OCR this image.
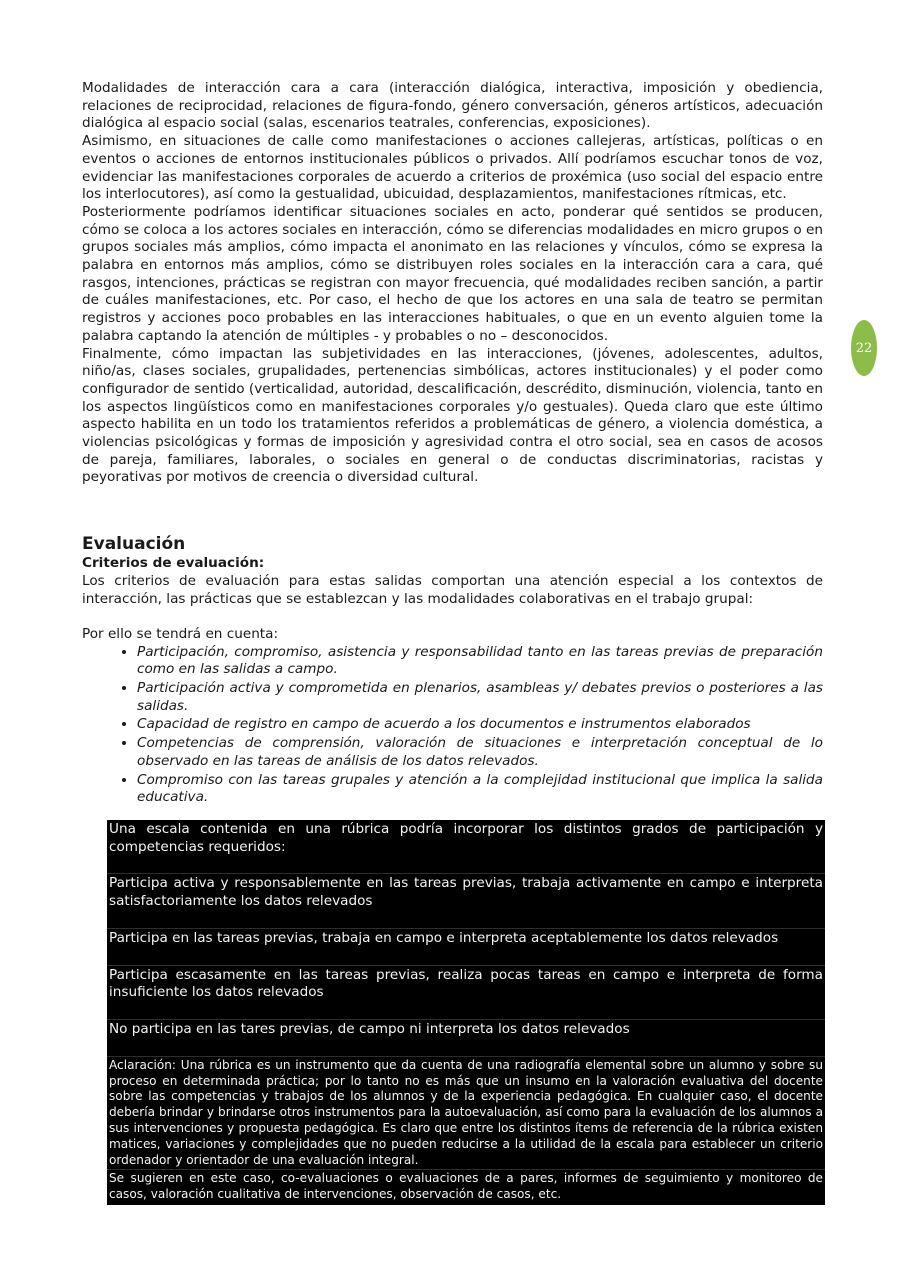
Modalidades de interacción cara a cara (interacción dialógica, interactiva, imposición y obediencia, relaciones de reciprocidad, relaciones de figura-fondo, género conversación, géneros artísticos, adecuación dialógica al espacio social (salas, escenarios teatrales, conferencias, exposiciones).

Asimismo, en situaciones de calle como manifestaciones o acciones callejeras, artísticas, políticas o en eventos o acciones de entornos institucionales públicos o privados. Allí podríamos escuchar tonos de voz, evidenciar las manifestaciones corporales de acuerdo a criterios de proxémica (uso social del espacio entre los interlocutores), así como la gestualidad, ubicuidad, desplazamientos, manifestaciones rítmicas, etc.

Posteriormente podríamos identificar situaciones sociales en acto, ponderar qué sentidos se producen, cómo se coloca a los actores sociales en interacción, cómo se diferencias modalidades en micro grupos o en grupos sociales más amplios, cómo impacta el anonimato en las relaciones y vínculos, cómo se expresa la palabra en entornos más amplios, cómo se distribuyen roles sociales en la interacción cara a cara, qué rasgos, intenciones, prácticas se registran con mayor frecuencia, qué modalidades reciben sanción, a partir de cuáles manifestaciones, etc. Por caso, el hecho de que los actores en una sala de teatro se permitan registros y acciones poco probables en las interacciones habituales, o que en un evento alguien tome la palabra captando la atención de múltiples - y probables o no – desconocidos.

Finalmente, cómo impactan las subjetividades en las interacciones, (jóvenes, adolescentes, adultos, niño/as, clases sociales, grupalidades, pertenencias simbólicas, actores institucionales) y el poder como configurador de sentido (verticalidad, autoridad, descalificación, descrédito, disminución, violencia, tanto en los aspectos lingüísticos como en manifestaciones corporales y/o gestuales). Queda claro que este último aspecto habilita en un todo los tratamientos referidos a problemáticas de género, a violencia doméstica, a violencias psicológicas y formas de imposición y agresividad contra el otro social, sea en casos de acosos de pareja, familiares, laborales, o sociales en general o de conductas discriminatorias, racistas y peyorativas por motivos de creencia o diversidad cultural.

Evaluación

Criterios de evaluación:

Los criterios de evaluación para estas salidas comportan una atención especial a los contextos de interacción, las prácticas que se establezcan y las modalidades colaborativas en el trabajo grupal:

Por ello se tendrá en cuenta:

• Participación, compromiso, asistencia y responsabilidad tanto en las tareas previas de preparación como en las salidas a campo.
• Participación activa y comprometida en plenarios, asambleas y/ debates previos o posteriores a las salidas.
• Capacidad de registro en campo de acuerdo a los documentos e instrumentos elaborados
• Competencias de comprensión, valoración de situaciones e interpretación conceptual de lo observado en las tareas de análisis de los datos relevados.
• Compromiso con las tareas grupales y atención a la complejidad institucional que implica la salida educativa.
22
Una escala contenida en una rúbrica podría incorporar los distintos grados de participación y competencias requeridos:
Participa activa y responsablemente en las tareas previas, trabaja activamente en campo e interpreta satisfactoriamente los datos relevados
Participa en las tareas previas, trabaja en campo e interpreta aceptablemente los datos relevados
Participa escasamente en las tareas previas, realiza pocas tareas en campo e interpreta de forma insuficiente los datos relevados
No participa en las tares previas, de campo ni interpreta los datos relevados
Aclaración: Una rúbrica es un instrumento que da cuenta de una radiografía elemental sobre un alumno y sobre su proceso en determinada práctica; por lo tanto no es más que un insumo en la valoración evaluativa del docente sobre las competencias y trabajos de los alumnos y de la experiencia pedagógica. En cualquier caso, el docente debería brindar y brindarse otros instrumentos para la autoevaluación, así como para la evaluación de los alumnos a sus intervenciones y propuesta pedagógica. Es claro que entre los distintos ítems de referencia de la rúbrica existen matices, variaciones y complejidades que no pueden reducirse a la utilidad de la escala para establecer un criterio ordenador y orientador de una evaluación integral.
Se sugieren en este caso, co-evaluaciones o evaluaciones de a pares, informes de seguimiento y monitoreo de casos, valoración cualitativa de intervenciones, observación de casos, etc.
